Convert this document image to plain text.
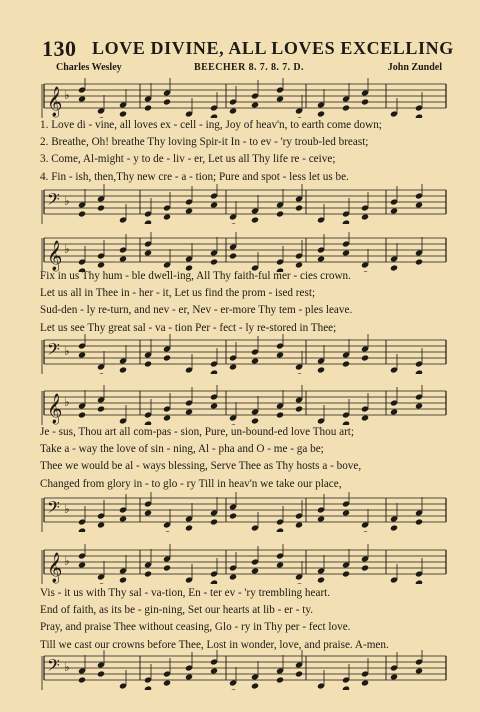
130 LOVE DIVINE, ALL LOVES EXCELLING
Charles Wesley	BEECHER 8. 7. 8. 7. D.	John Zundel
𝄞 ♭
1. Love di - vine, all loves ex - cell - ing, Joy of heav'n, to earth come down;
2. Breathe, Oh! breathe Thy loving Spir-it In - to ev - 'ry troub-led breast;
3. Come, Al-might - y to de - liv - er, Let us all Thy life re - ceive;
4. Fin - ish, then,Thy new cre - a - tion; Pure and spot - less let us be.
𝄢 ♭
𝄞 ♭
Fix in us Thy hum - ble dwell-ing, All Thy faith-ful mer - cies crown.
Let us all in Thee in - her - it, Let us find the prom - ised rest;
Sud-den - ly re-turn, and nev - er, Nev - er-more Thy tem - ples leave.
Let us see Thy great sal - va - tion Per - fect - ly re-stored in Thee;
𝄢 ♭
𝄞 ♭
Je - sus, Thou art all com-pas - sion, Pure, un-bound-ed love Thou art;
Take a - way the love of sin - ning, Al - pha and O - me - ga be;
Thee we would be al - ways blessing, Serve Thee as Thy hosts a - bove,
Changed from glory in - to glo - ry Till in heav'n we take our place,
𝄢 ♭
𝄞 ♭
Vis - it us with Thy sal - va-tion, En - ter ev - 'ry trembling heart.
End of faith, as its be - gin-ning, Set our hearts at lib - er - ty.
Pray, and praise Thee without ceasing, Glo - ry in Thy per - fect love.
Till we cast our crowns before Thee, Lost in wonder, love, and praise. A-men.
𝄢 ♭
